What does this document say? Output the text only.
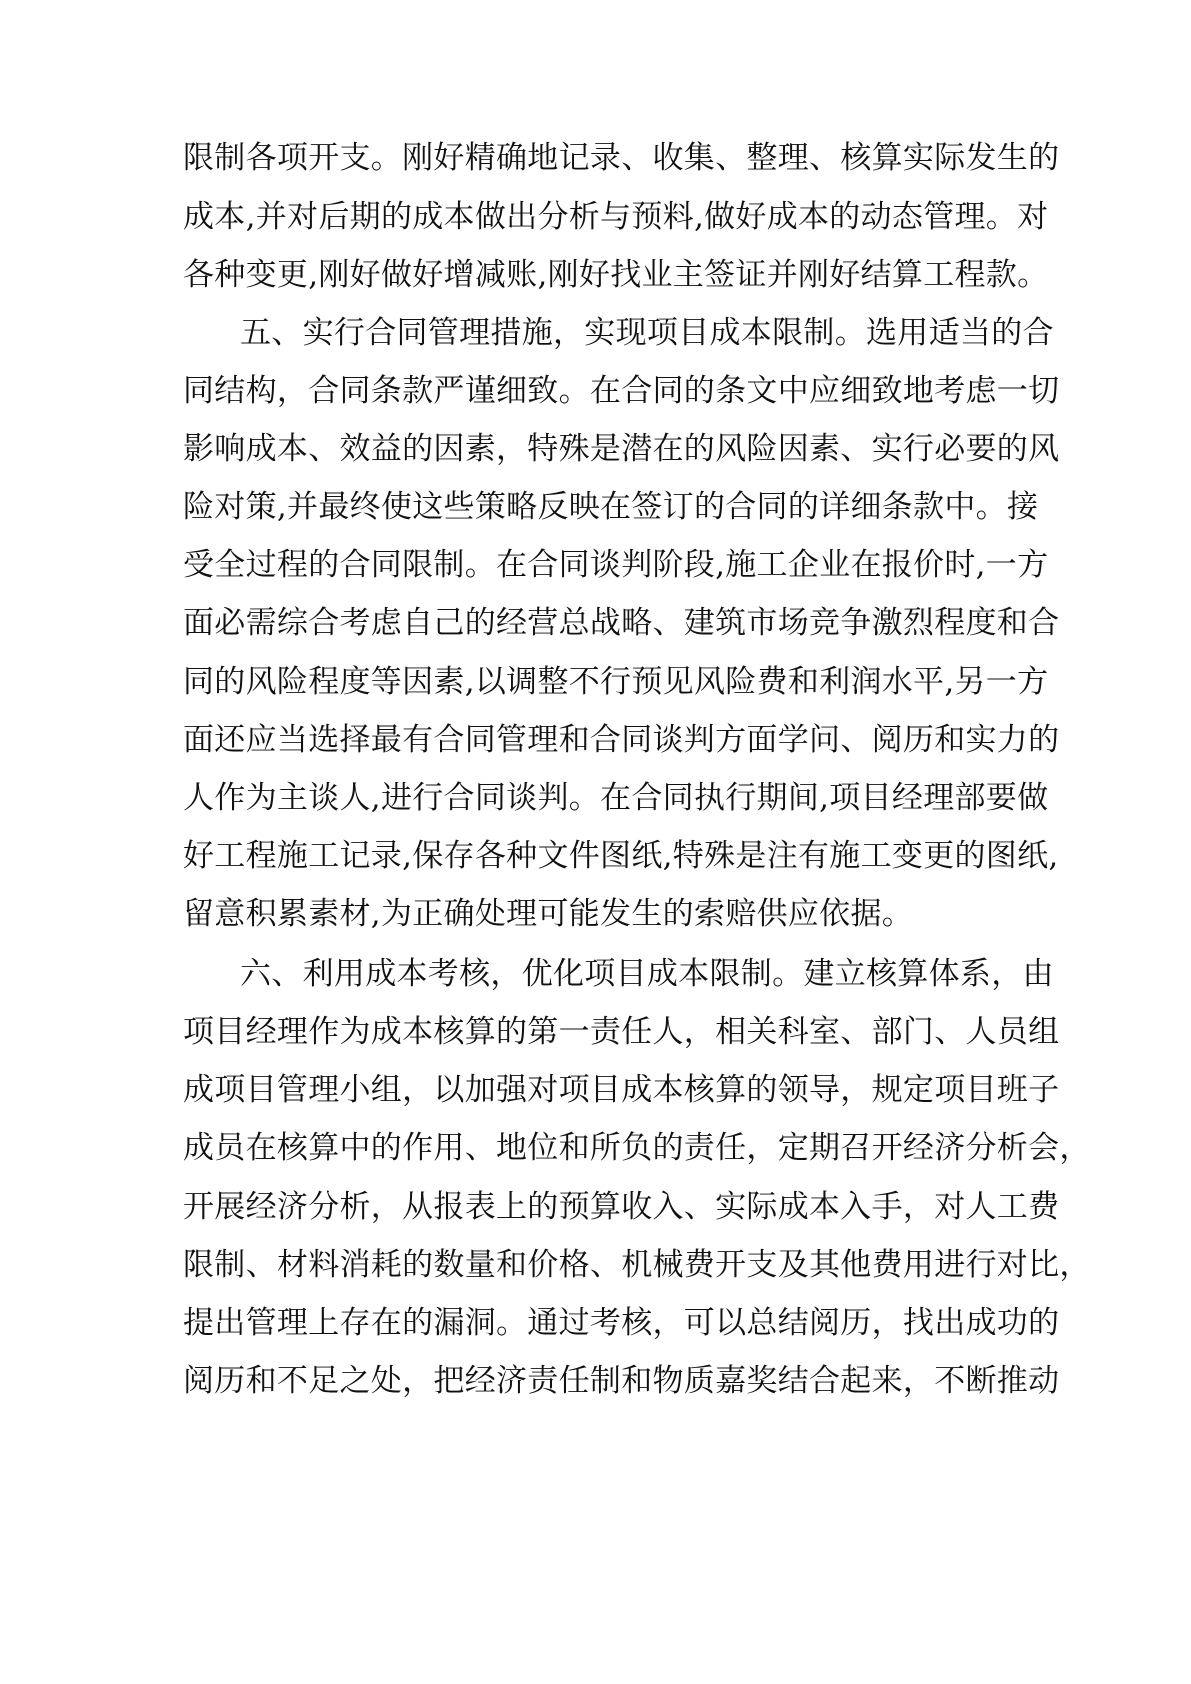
限制各项开支。刚好精确地记录、收集、整理、核算实际发生的
成本,并对后期的成本做出分析与预料,做好成本的动态管理。对
各种变更,刚好做好增减账,刚好找业主签证并刚好结算工程款。
五、实行合同管理措施，实现项目成本限制。选用适当的合
同结构，合同条款严谨细致。在合同的条文中应细致地考虑一切
影响成本、效益的因素，特殊是潜在的风险因素、实行必要的风
险对策,并最终使这些策略反映在签订的合同的详细条款中。接
受全过程的合同限制。在合同谈判阶段,施工企业在报价时,一方
面必需综合考虑自己的经营总战略、建筑市场竞争激烈程度和合
同的风险程度等因素,以调整不行预见风险费和利润水平,另一方
面还应当选择最有合同管理和合同谈判方面学问、阅历和实力的
人作为主谈人,进行合同谈判。在合同执行期间,项目经理部要做
好工程施工记录,保存各种文件图纸,特殊是注有施工变更的图纸,
留意积累素材,为正确处理可能发生的索赔供应依据。
六、利用成本考核，优化项目成本限制。建立核算体系，由
项目经理作为成本核算的第一责任人，相关科室、部门、人员组
成项目管理小组，以加强对项目成本核算的领导，规定项目班子
成员在核算中的作用、地位和所负的责任，定期召开经济分析会，
开展经济分析，从报表上的预算收入、实际成本入手，对人工费
限制、材料消耗的数量和价格、机械费开支及其他费用进行对比，
提出管理上存在的漏洞。通过考核，可以总结阅历，找出成功的
阅历和不足之处，把经济责任制和物质嘉奖结合起来，不断推动
